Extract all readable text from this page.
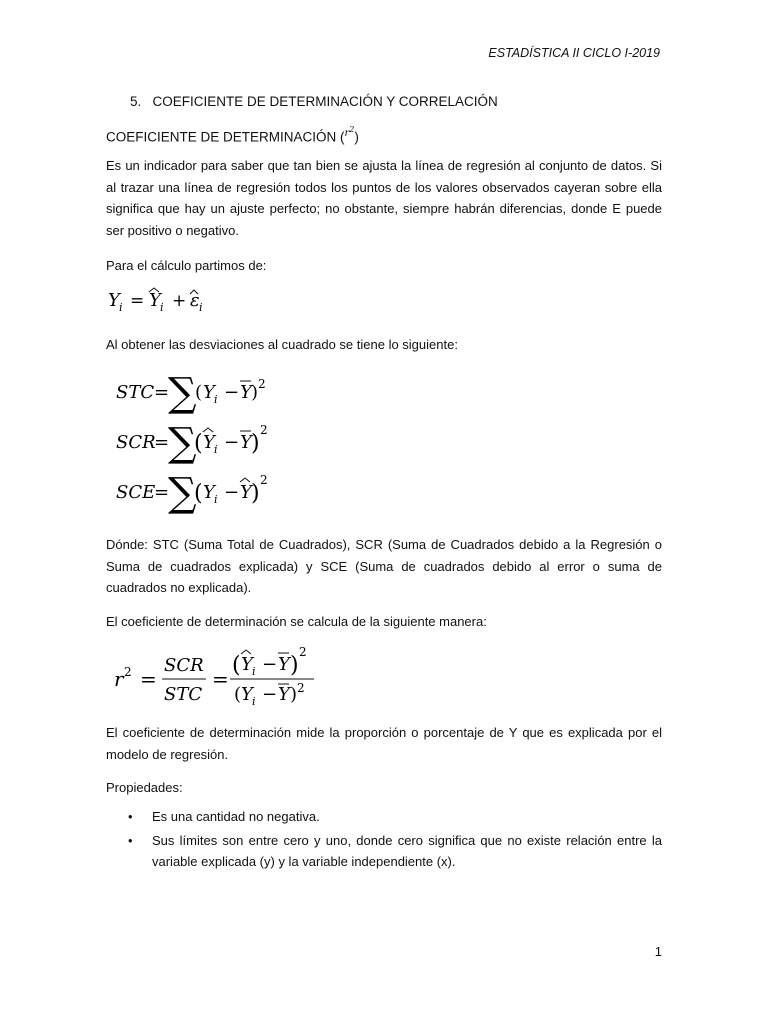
ESTADÍSTICA II CICLO I-2019
5.   COEFICIENTE DE DETERMINACIÓN Y CORRELACIÓN
COEFICIENTE DE DETERMINACIÓN ($^{r^2}$)
Es un indicador para saber que tan bien se ajusta la línea de regresión al conjunto de datos. Si al trazar una línea de regresión todos los puntos de los valores observados cayeran sobre ella significa que hay un ajuste perfecto; no obstante, siempre habrán diferencias, donde E puede ser positivo o negativo.
Para el cálculo partimos de:
Y i = Y i + ε i
Al obtener las desviaciones al cuadrado se tiene lo siguiente:
STC =
∑
( Y i − Y ) 2
SCR
=
∑
( Y i − Y )
2
SCE
=
∑
( Y i − Y )
2
Dónde: STC (Suma Total de Cuadrados), SCR (Suma de Cuadrados debido a la Regresión o Suma de cuadrados explicada) y SCE (Suma de cuadrados debido al error o suma de cuadrados no explicada).
El coeficiente de determinación se calcula de la siguiente manera:
r 2 =
SCR
STC
=
( Y i − Y )
2
( Y i − Y ) 2
El coeficiente de determinación mide la proporción o porcentaje de Y que es explicada por el modelo de regresión.
Propiedades:
• Es una cantidad no negativa.
• Sus límites son entre cero y uno, donde cero significa que no existe relación entre la variable explicada (y) y la variable independiente (x).
1
